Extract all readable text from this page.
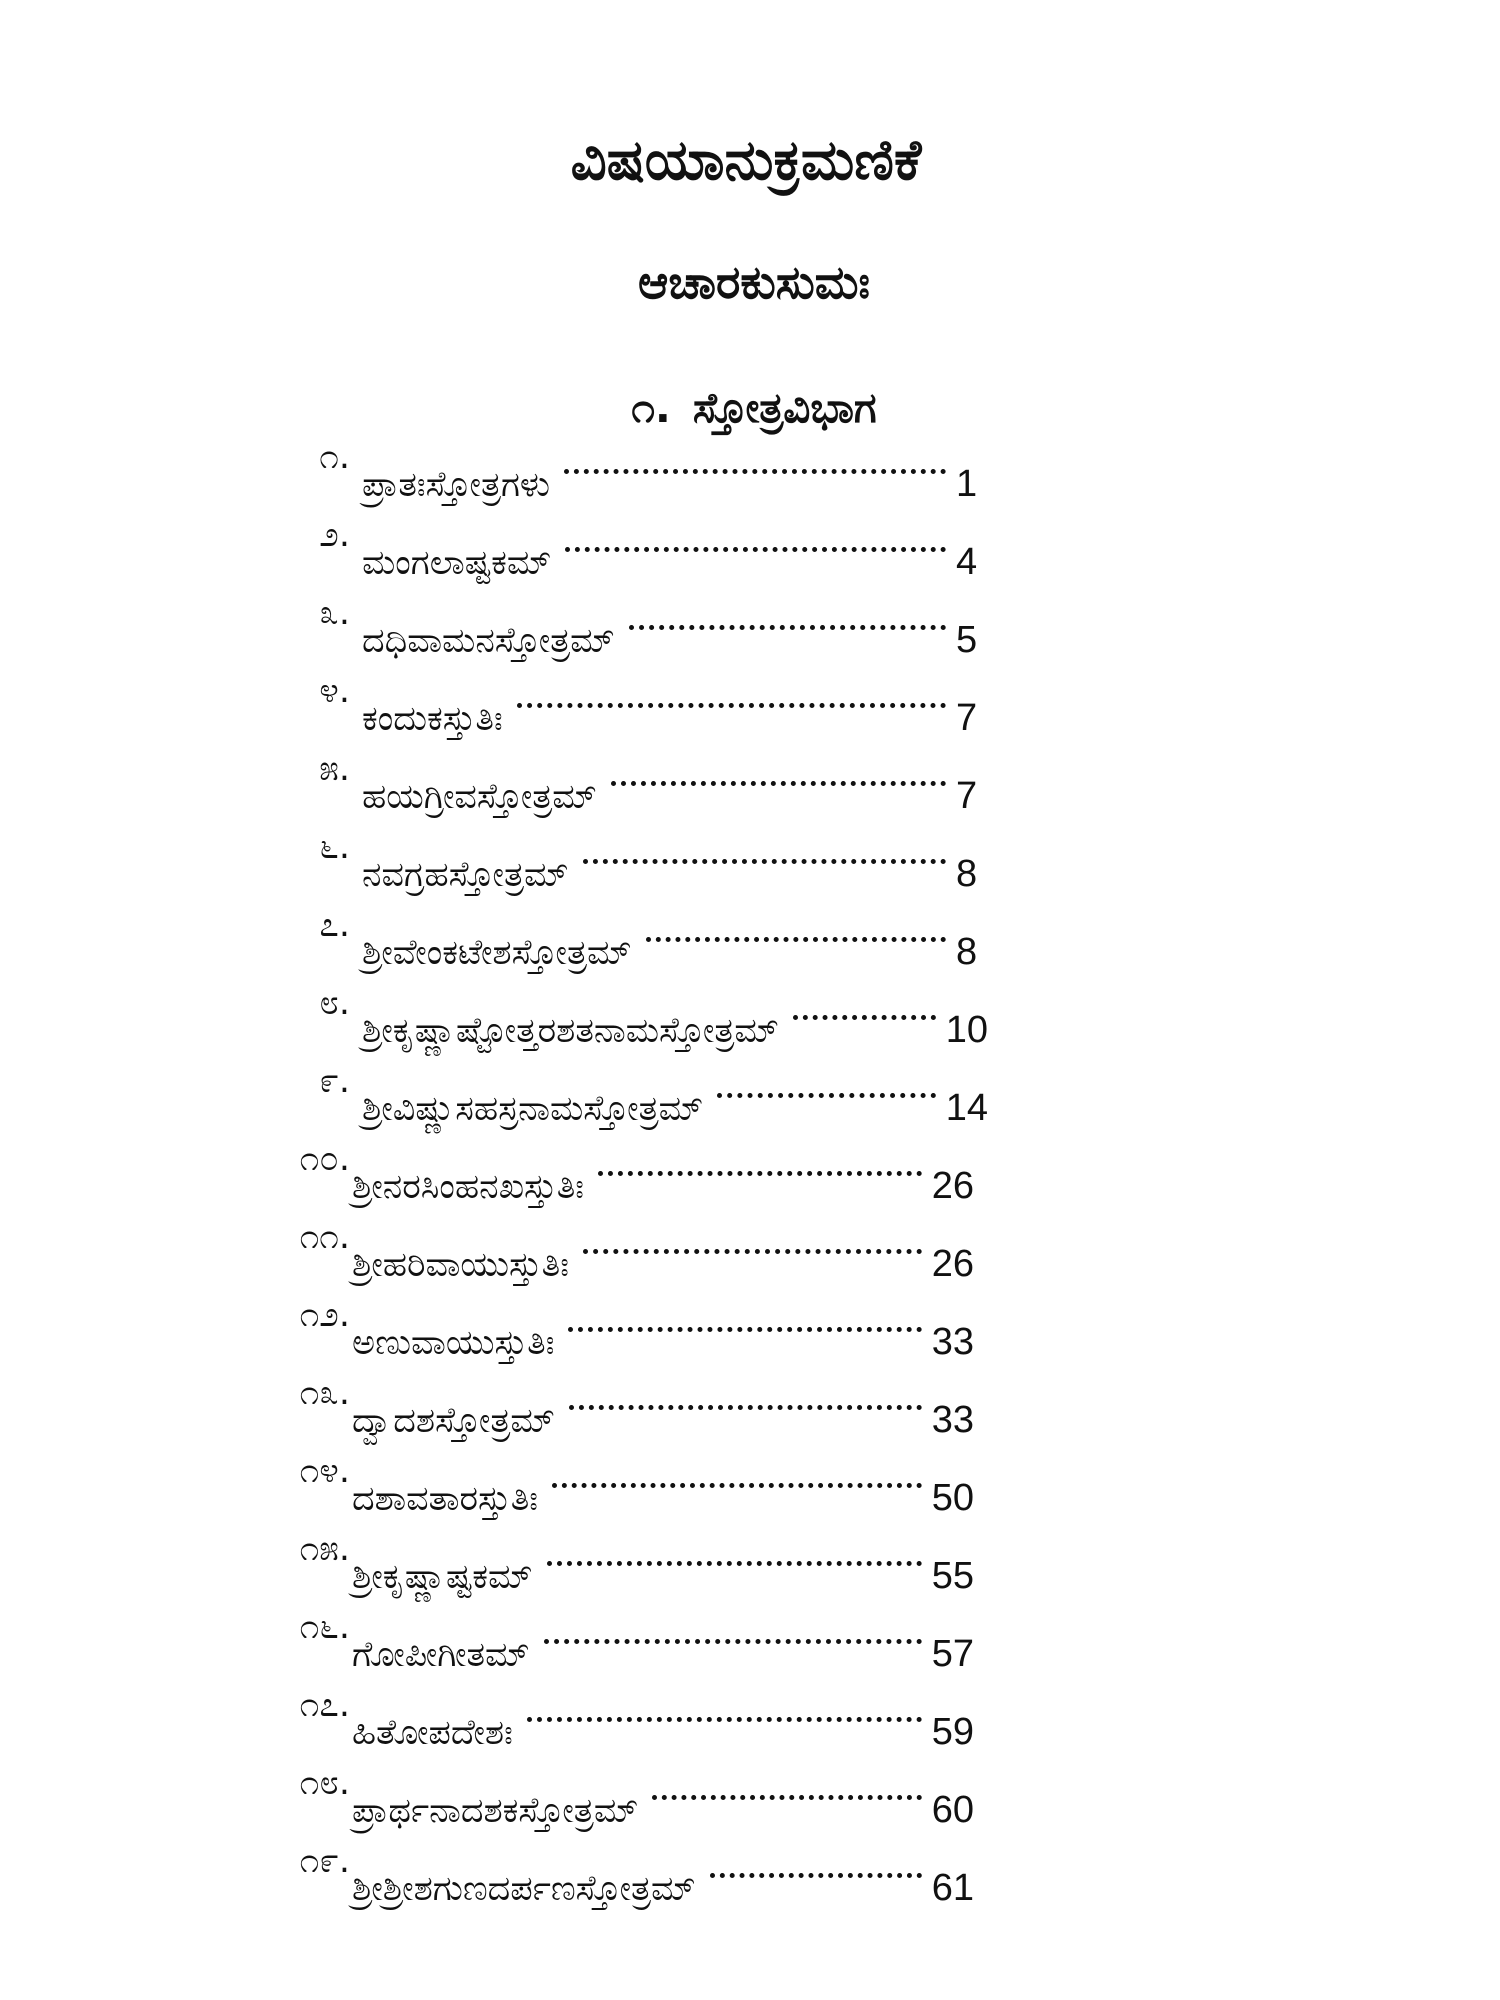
ವಿಷಯಾನುಕ್ರಮಣಿಕೆ
ಆಚಾರಕುಸುಮಃ
೧. ಸ್ತೋತ್ರವಿಭಾಗ
೧.
ಪ್ರಾತಃಸ್ತೋತ್ರಗಳು	1
೨.
ಮಂಗಲಾಷ್ಟಕಮ್	4
೩.
ದಧಿವಾಮನಸ್ತೋತ್ರಮ್	5
೪.
ಕಂದುಕಸ್ತುತಿಃ	7
೫.
ಹಯಗ್ರೀವಸ್ತೋತ್ರಮ್	7
೬.
ನವಗ್ರಹಸ್ತೋತ್ರಮ್	8
೭.
ಶ್ರೀವೇಂಕಟೇಶಸ್ತೋತ್ರಮ್	8
೮.
ಶ್ರೀಕೃಷ್ಣಾಷ್ಟೋತ್ತರಶತನಾಮಸ್ತೋತ್ರಮ್	10
೯.
ಶ್ರೀವಿಷ್ಣುಸಹಸ್ರನಾಮಸ್ತೋತ್ರಮ್	14
೧೦.
ಶ್ರೀನರಸಿಂಹನಖಸ್ತುತಿಃ	26
೧೧.
ಶ್ರೀಹರಿವಾಯುಸ್ತುತಿಃ	26
೧೨.
ಅಣುವಾಯುಸ್ತುತಿಃ	33
೧೩.
ದ್ವಾದಶಸ್ತೋತ್ರಮ್	33
೧೪.
ದಶಾವತಾರಸ್ತುತಿಃ	50
೧೫.
ಶ್ರೀಕೃಷ್ಣಾಷ್ಟಕಮ್	55
೧೬.
ಗೋಪೀಗೀತಮ್	57
೧೭.
ಹಿತೋಪದೇಶಃ	59
೧೮.
ಪ್ರಾರ್ಥನಾದಶಕಸ್ತೋತ್ರಮ್	60
೧೯.
ಶ್ರೀಶ್ರೀಶಗುಣದರ್ಪಣಸ್ತೋತ್ರಮ್	61
